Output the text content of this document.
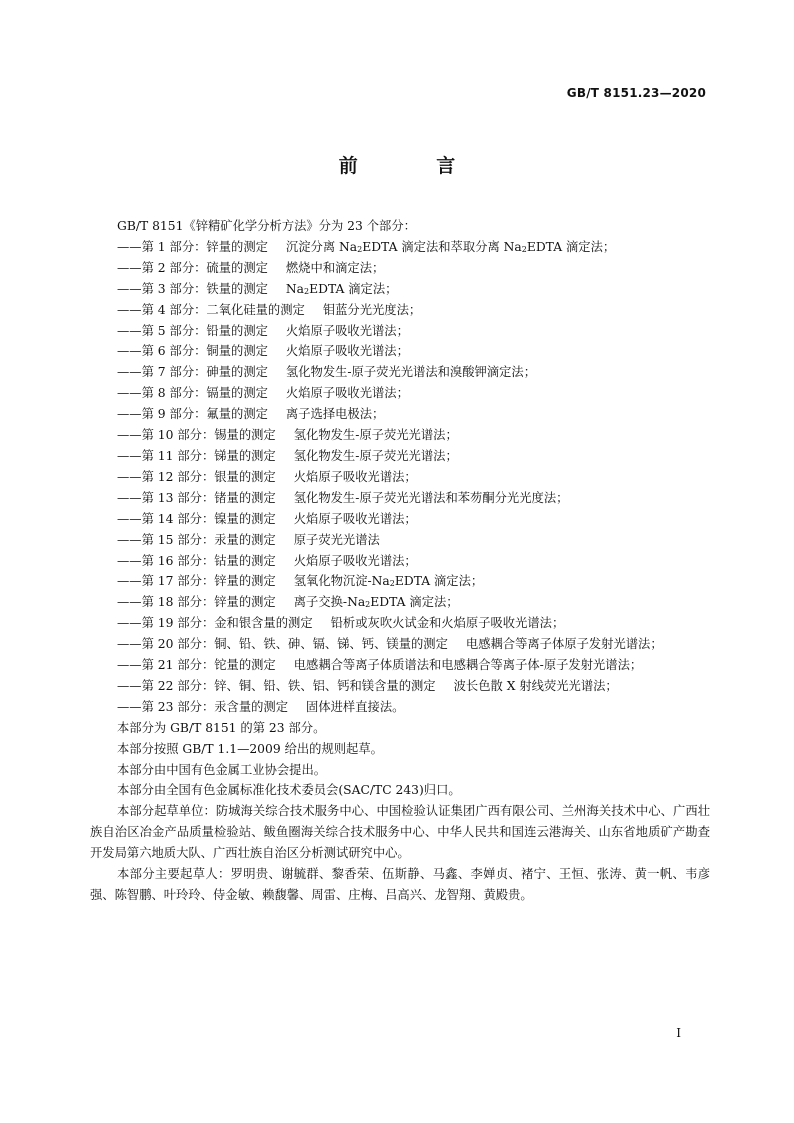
GB/T 8151.23—2020
前 言
GB/T 8151《锌精矿化学分析方法》分为 23 个部分：
——第 1 部分：锌量的测定 沉淀分离 $Na_2EDTA$ 滴定法和萃取分离 $Na_2EDTA$ 滴定法；
——第 2 部分：硫量的测定 燃烧中和滴定法；
——第 3 部分：铁量的测定 $Na_2EDTA$ 滴定法；
——第 4 部分：二氧化硅量的测定 钼蓝分光光度法；
——第 5 部分：铅量的测定 火焰原子吸收光谱法；
——第 6 部分：铜量的测定 火焰原子吸收光谱法；
——第 7 部分：砷量的测定 氢化物发生-原子荧光光谱法和溴酸钾滴定法；
——第 8 部分：镉量的测定 火焰原子吸收光谱法；
——第 9 部分：氟量的测定 离子选择电极法；
——第 10 部分：锡量的测定 氢化物发生-原子荧光光谱法；
——第 11 部分：锑量的测定 氢化物发生-原子荧光光谱法；
——第 12 部分：银量的测定 火焰原子吸收光谱法；
——第 13 部分：锗量的测定 氢化物发生-原子荧光光谱法和苯芴酮分光光度法；
——第 14 部分：镍量的测定 火焰原子吸收光谱法；
——第 15 部分：汞量的测定 原子荧光光谱法
——第 16 部分：钴量的测定 火焰原子吸收光谱法；
——第 17 部分：锌量的测定 氢氧化物沉淀$-Na_2EDTA$ 滴定法；
——第 18 部分：锌量的测定 离子交换$-Na_2EDTA$ 滴定法；
——第 19 部分：金和银含量的测定 铅析或灰吹火试金和火焰原子吸收光谱法；
——第 20 部分：铜、铅、铁、砷、镉、锑、钙、镁量的测定 电感耦合等离子体原子发射光谱法；
——第 21 部分：铊量的测定 电感耦合等离子体质谱法和电感耦合等离子体-原子发射光谱法；
——第 22 部分：锌、铜、铅、铁、铝、钙和镁含量的测定 波长色散 X 射线荧光光谱法；
——第 23 部分：汞含量的测定 固体进样直接法。
本部分为 GB/T 8151 的第 23 部分。
本部分按照 GB/T 1.1—2009 给出的规则起草。
本部分由中国有色金属工业协会提出。
本部分由全国有色金属标准化技术委员会(SAC/TC 243)归口。
本部分起草单位：防城海关综合技术服务中心、中国检验认证集团广西有限公司、兰州海关技术中心、广西壮族自治区冶金产品质量检验站、鲅鱼圈海关综合技术服务中心、中华人民共和国连云港海关、山东省地质矿产勘查开发局第六地质大队、广西壮族自治区分析测试研究中心。
本部分主要起草人：罗明贵、谢毓群、黎香荣、伍斯静、马鑫、李婵贞、褚宁、王恒、张涛、黄一帆、韦彦强、陈智鹏、叶玲玲、侍金敏、赖馥馨、周雷、庄梅、吕高兴、龙智翔、黄殿贵。
I
